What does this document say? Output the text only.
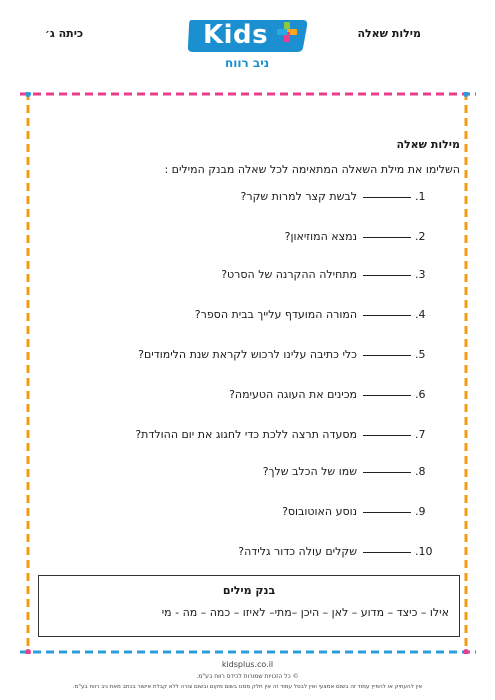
מילות שאלה
כיתה ג׳	Kids
ניב רווח
מילות שאלה
השלימו את מילת השאלה המתאימה לכל שאלה מבנק המילים :
1.לבשת קצר למרות שקר?
2.נמצא המוזיאון?
3.מתחילה ההקרנה של הסרט?
4.המורה המועדף עלייך בבית הספר?
5.כלי כתיבה עלינו לרכוש לקראת שנת הלימודים?
6.מכינים את העוגה הטעימה?
7.מסעדה תרצה ללכת כדי לחגוג את יום ההולדת?
8.שמו של הכלב שלך?
9.נוסע האוטובוס?
10.שקלים עולה כדור גלידה?
בנק מילים
אילו – כיצד – מדוע – לאן – היכן –מתי– לאיזו – כמה – מה - מי
kidsplus.co.il
© כל הזכויות שמורות לכידס רווח בע"מ.
אין להעתיק או להפיץ עמוד זה בשום אמצעי ואין לבסל עמוד זה אין חלק ממנו בשום מקום ובשום צורה ללא קבלת אישור בכתב מאת ניב רווח בע"מ.
